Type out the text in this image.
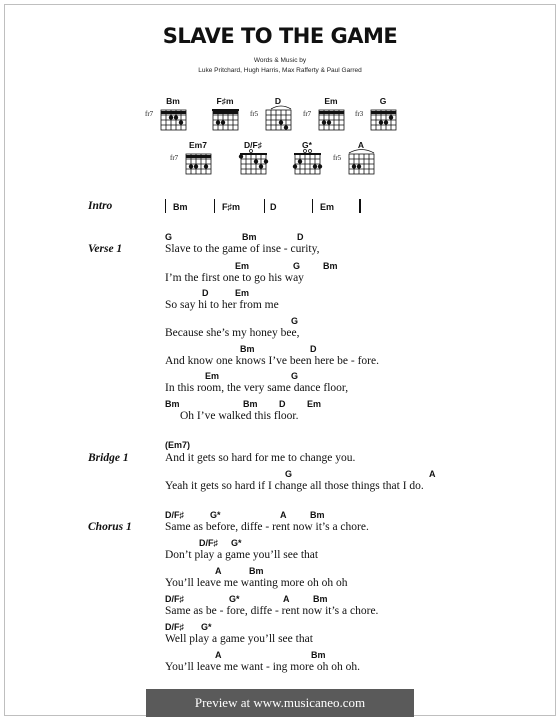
SLAVE TO THE GAME
Words & Music by
Luke Pritchard, Hugh Harris, Max Rafferty & Paul Garred
Bm
fr7
F♯m	D
fr5
Em
fr7
G
fr3
Em7
fr7
D/F♯	G*	A
fr5
Intro	Bm	F♯m	D	Em
Verse 1
G	Bm	D
Slave to the game of inse - curity,
Em	G	Bm
I’m the first one to go his way
D	Em
So say hi to her from me
G
Because she’s my honey bee,
Bm	D
And know one knows I’ve been here be - fore.
Em	G
In this room, the very same dance floor,
Bm	Bm D Em
Oh I’ve walked this floor.
Bridge 1
(Em7)
And it gets so hard for me to change you.
G	A
Yeah it gets so hard if I change all those things that I do.
Chorus 1
D/F♯	G*	A	Bm
Same as before, diffe - rent now it’s a chore.
D/F♯ G*
Don’t play a game you’ll see that
A	Bm
You’ll leave me wanting more oh oh oh
D/F♯	G*	A	Bm
Same as be - fore, diffe - rent now it’s a chore.
D/F♯ G*
Well play a game you’ll see that
A	Bm
You’ll leave me want - ing more oh oh oh.
Preview at www.musicaneo.com
